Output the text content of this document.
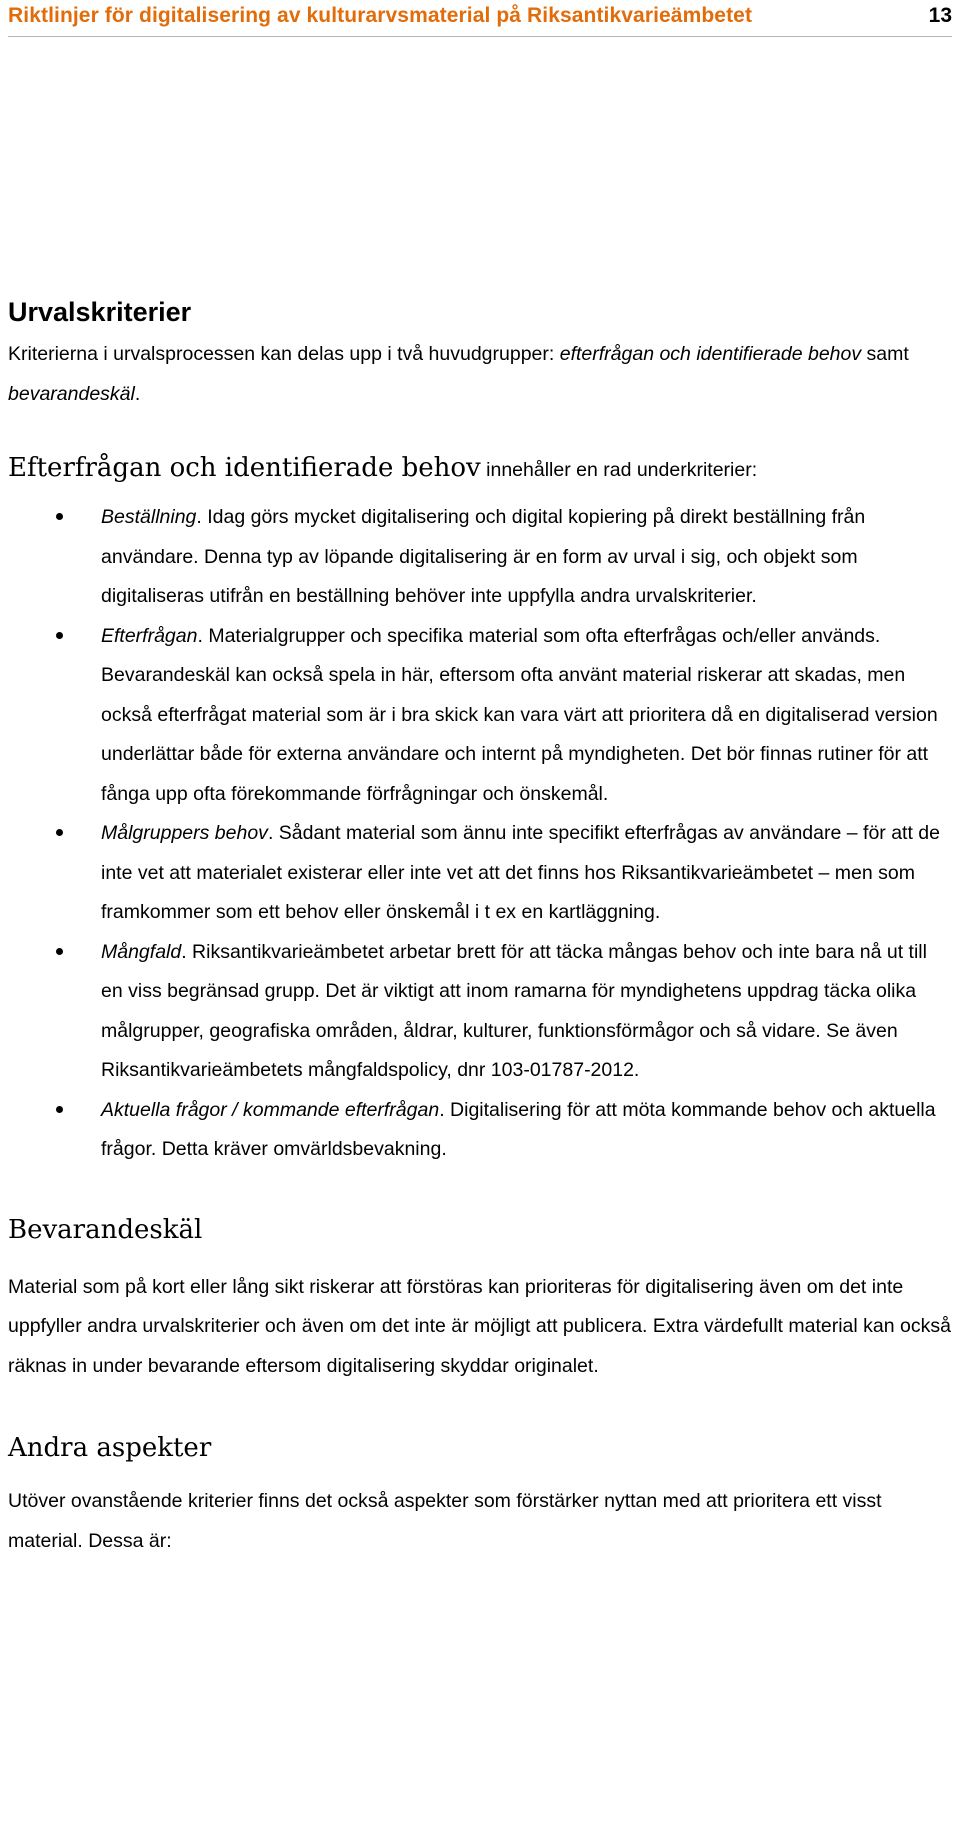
Riktlinjer för digitalisering av kulturarvsmaterial på Riksantikvarieämbetet	13
Urvalskriterier

Kriterierna i urvalsprocessen kan delas upp i två huvudgrupper: efterfrågan och identifierade behov samt bevarandeskäl.

Efterfrågan och identifierade behov innehåller en rad underkriterier:

Beställning. Idag görs mycket digitalisering och digital kopiering på direkt beställning från användare. Denna typ av löpande digitalisering är en form av urval i sig, och objekt som digitaliseras utifrån en beställning behöver inte uppfylla andra urvalskriterier.

Efterfrågan. Materialgrupper och specifika material som ofta efterfrågas och/eller används. Bevarandeskäl kan också spela in här, eftersom ofta använt material riskerar att skadas, men också efterfrågat material som är i bra skick kan vara värt att prioritera då en digitaliserad version underlättar både för externa användare och internt på myndigheten. Det bör finnas rutiner för att fånga upp ofta förekommande förfrågningar och önskemål.

Målgruppers behov. Sådant material som ännu inte specifikt efterfrågas av användare – för att de inte vet att materialet existerar eller inte vet att det finns hos Riksantikvarieämbetet – men som framkommer som ett behov eller önskemål i t ex en kartläggning.

Mångfald. Riksantikvarieämbetet arbetar brett för att täcka mångas behov och inte bara nå ut till en viss begränsad grupp. Det är viktigt att inom ramarna för myndighetens uppdrag täcka olika målgrupper, geografiska områden, åldrar, kulturer, funktionsförmågor och så vidare. Se även Riksantikvarieämbetets mångfaldspolicy, dnr 103-01787-2012.

Aktuella frågor / kommande efterfrågan. Digitalisering för att möta kommande behov och aktuella frågor. Detta kräver omvärldsbevakning.

Bevarandeskäl

Material som på kort eller lång sikt riskerar att förstöras kan prioriteras för digitalisering även om det inte uppfyller andra urvalskriterier och även om det inte är möjligt att publicera. Extra värdefullt material kan också räknas in under bevarande eftersom digitalisering skyddar originalet.

Andra aspekter

Utöver ovanstående kriterier finns det också aspekter som förstärker nyttan med att prioritera ett visst material. Dessa är:
